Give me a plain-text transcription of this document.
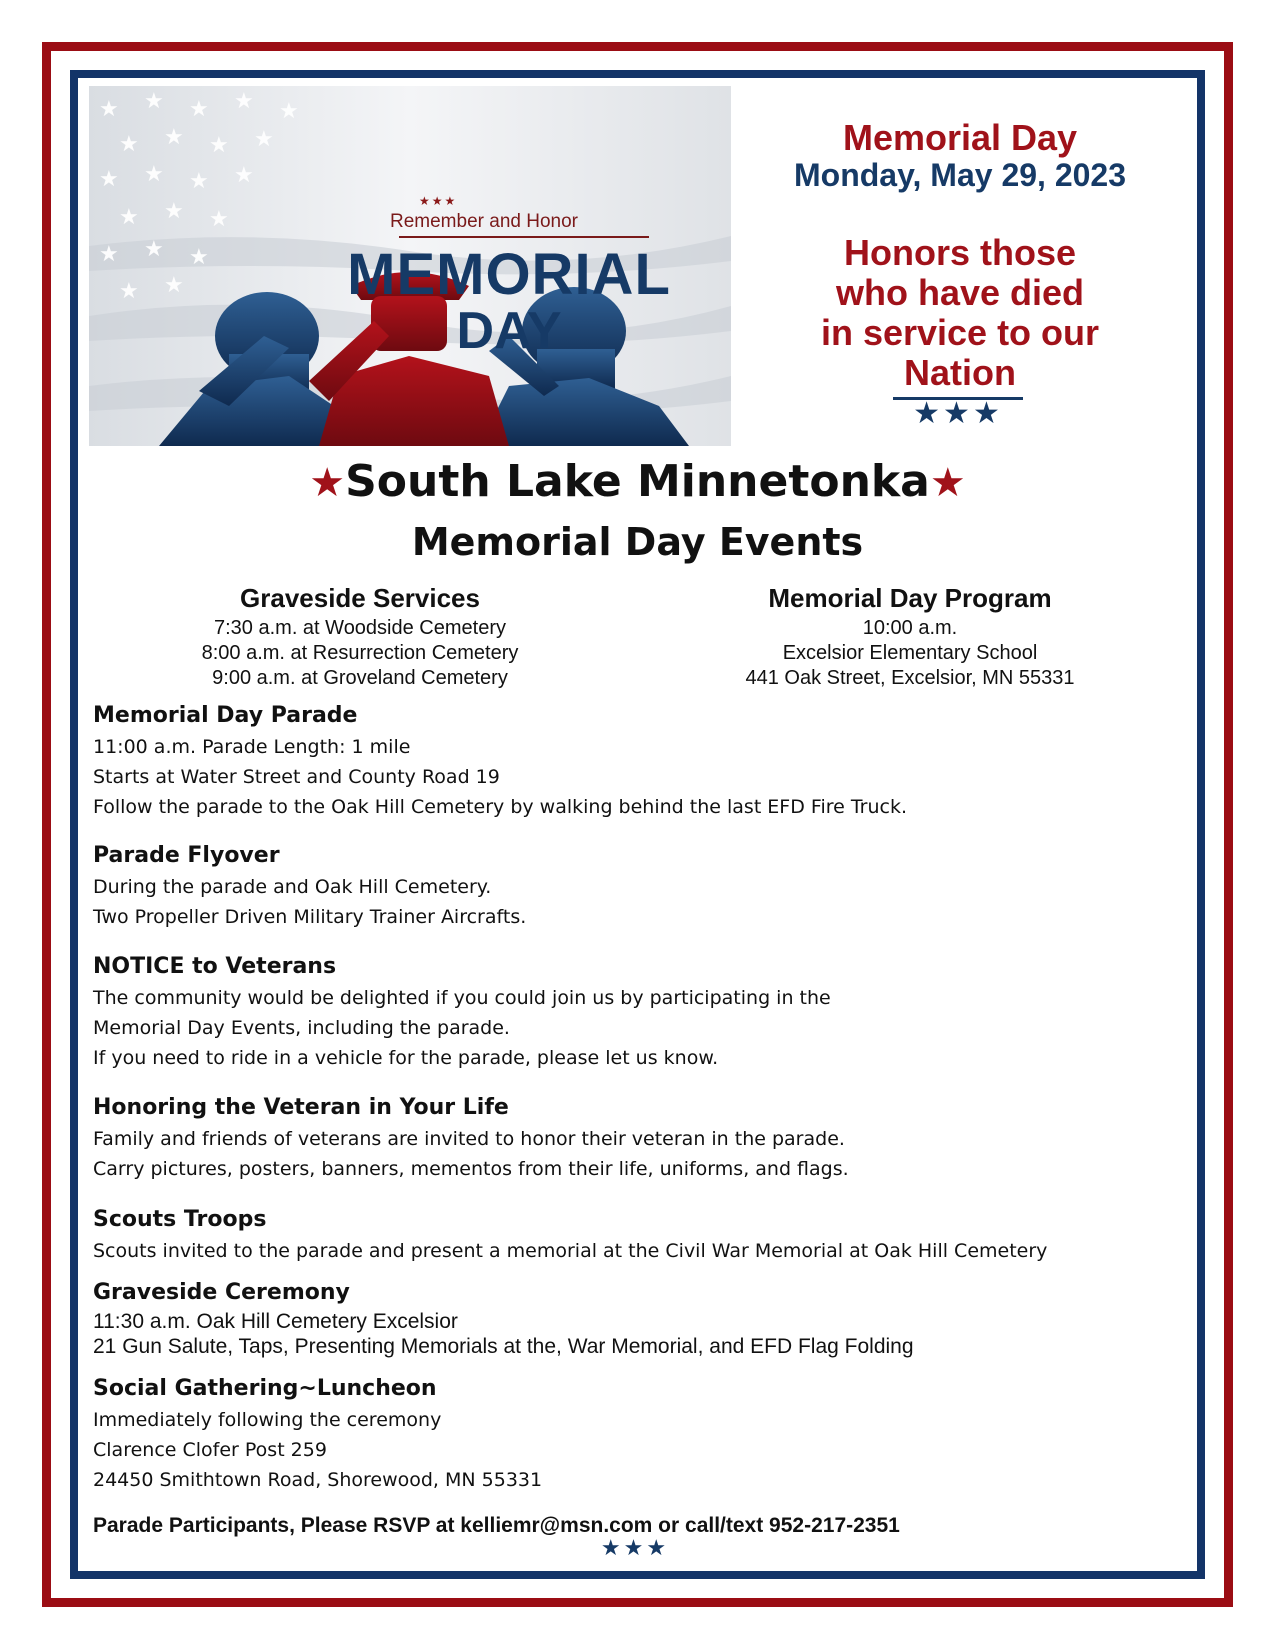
★ ★ ★ ★ ★
★ ★ ★ ★
★ ★ ★ ★
★ ★ ★
★ ★ ★
★ ★
★★★
Remember and Honor
MEMORIAL
DAY
Memorial Day
Monday, May 29, 2023
Honors those
who have died
in service to our
Nation
★★★
★South Lake Minnetonka★
Memorial Day Events
Graveside Services
7:30 a.m. at Woodside Cemetery
8:00 a.m. at Resurrection Cemetery
9:00 a.m. at Groveland Cemetery
Memorial Day Program
10:00 a.m.
Excelsior Elementary School
441 Oak Street, Excelsior, MN 55331
Memorial Day Parade
11:00 a.m. Parade Length: 1 mile
Starts at Water Street and County Road 19
Follow the parade to the Oak Hill Cemetery by walking behind the last EFD Fire Truck.
Parade Flyover
During the parade and Oak Hill Cemetery.
Two Propeller Driven Military Trainer Aircrafts.
NOTICE to Veterans
The community would be delighted if you could join us by participating in the
Memorial Day Events, including the parade.
If you need to ride in a vehicle for the parade, please let us know.
Honoring the Veteran in Your Life
Family and friends of veterans are invited to honor their veteran in the parade.
Carry pictures, posters, banners, mementos from their life, uniforms, and flags.
Scouts Troops
Scouts invited to the parade and present a memorial at the Civil War Memorial at Oak Hill Cemetery
Graveside Ceremony
11:30 a.m. Oak Hill Cemetery Excelsior
21 Gun Salute, Taps, Presenting Memorials at the, War Memorial, and EFD Flag Folding
Social Gathering~Luncheon
Immediately following the ceremony
Clarence Clofer Post 259
24450 Smithtown Road, Shorewood, MN 55331
Parade Participants, Please RSVP at kelliemr@msn.com or call/text 952-217-2351
★★★
